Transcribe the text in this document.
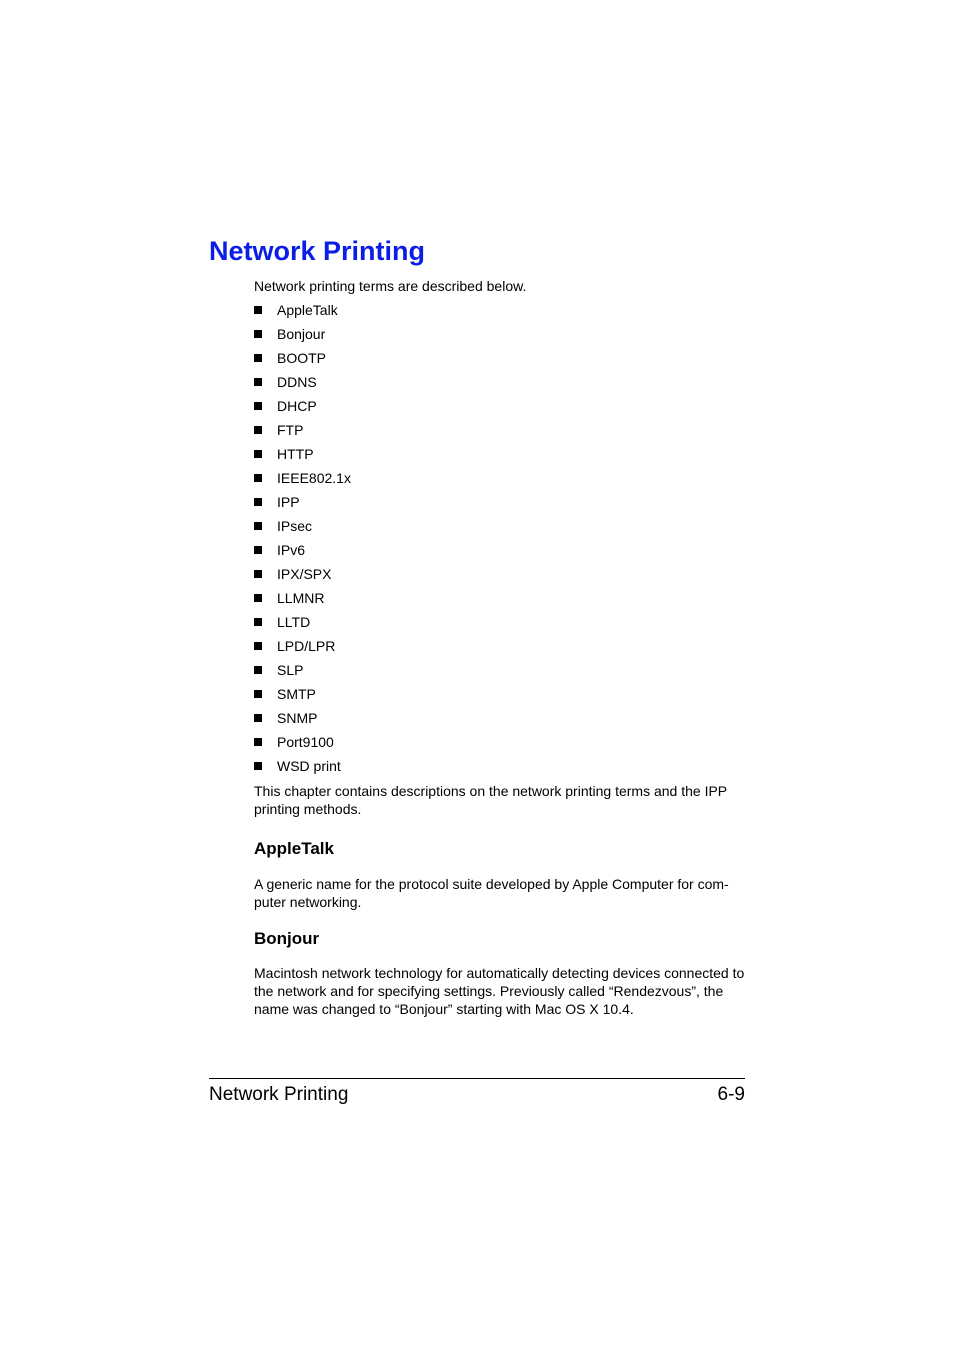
Network Printing

Network printing terms are described below.

AppleTalk
Bonjour
BOOTP
DDNS
DHCP
FTP
HTTP
IEEE802.1x
IPP
IPsec
IPv6
IPX/SPX
LLMNR
LLTD
LPD/LPR
SLP
SMTP
SNMP
Port9100
WSD print

This chapter contains descriptions on the network printing terms and the IPP printing methods.

AppleTalk

A generic name for the protocol suite developed by Apple Computer for com-puter networking.

Bonjour

Macintosh network technology for automatically detecting devices connected to the network and for specifying settings. Previously called “Rendezvous”, the name was changed to “Bonjour” starting with Mac OS X 10.4.

Network Printing	6-9
